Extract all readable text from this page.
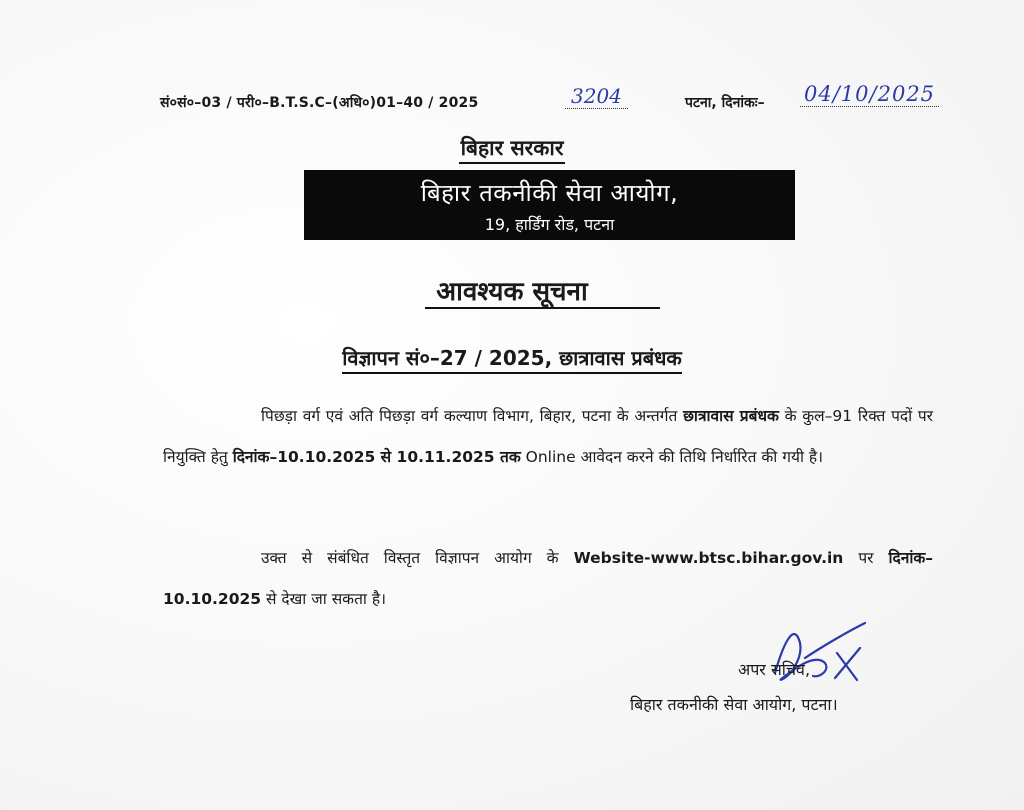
सं०सं०–03 / परी०–B.T.S.C–(अधि०)01–40 / 2025	3204	पटना, दिनांकः– 04/10/2025
बिहार सरकार
बिहार तकनीकी सेवा आयोग,
19, हार्डिंग रोड, पटना
आवश्यक सूचना
विज्ञापन सं०–27 / 2025, छात्रावास प्रबंधक
पिछड़ा वर्ग एवं अति पिछड़ा वर्ग कल्याण विभाग, बिहार, पटना के अन्तर्गत छात्रावास प्रबंधक के कुल–91 रिक्त पदों पर नियुक्ति हेतु दिनांक–10.10.2025 से 10.11.2025 तक Online आवेदन करने की तिथि निर्धारित की गयी है।
उक्त से संबंधित विस्तृत विज्ञापन आयोग के Website-www.btsc.bihar.gov.in पर दिनांक–10.10.2025 से देखा जा सकता है।
अपर सचिव,
बिहार तकनीकी सेवा आयोग, पटना।
